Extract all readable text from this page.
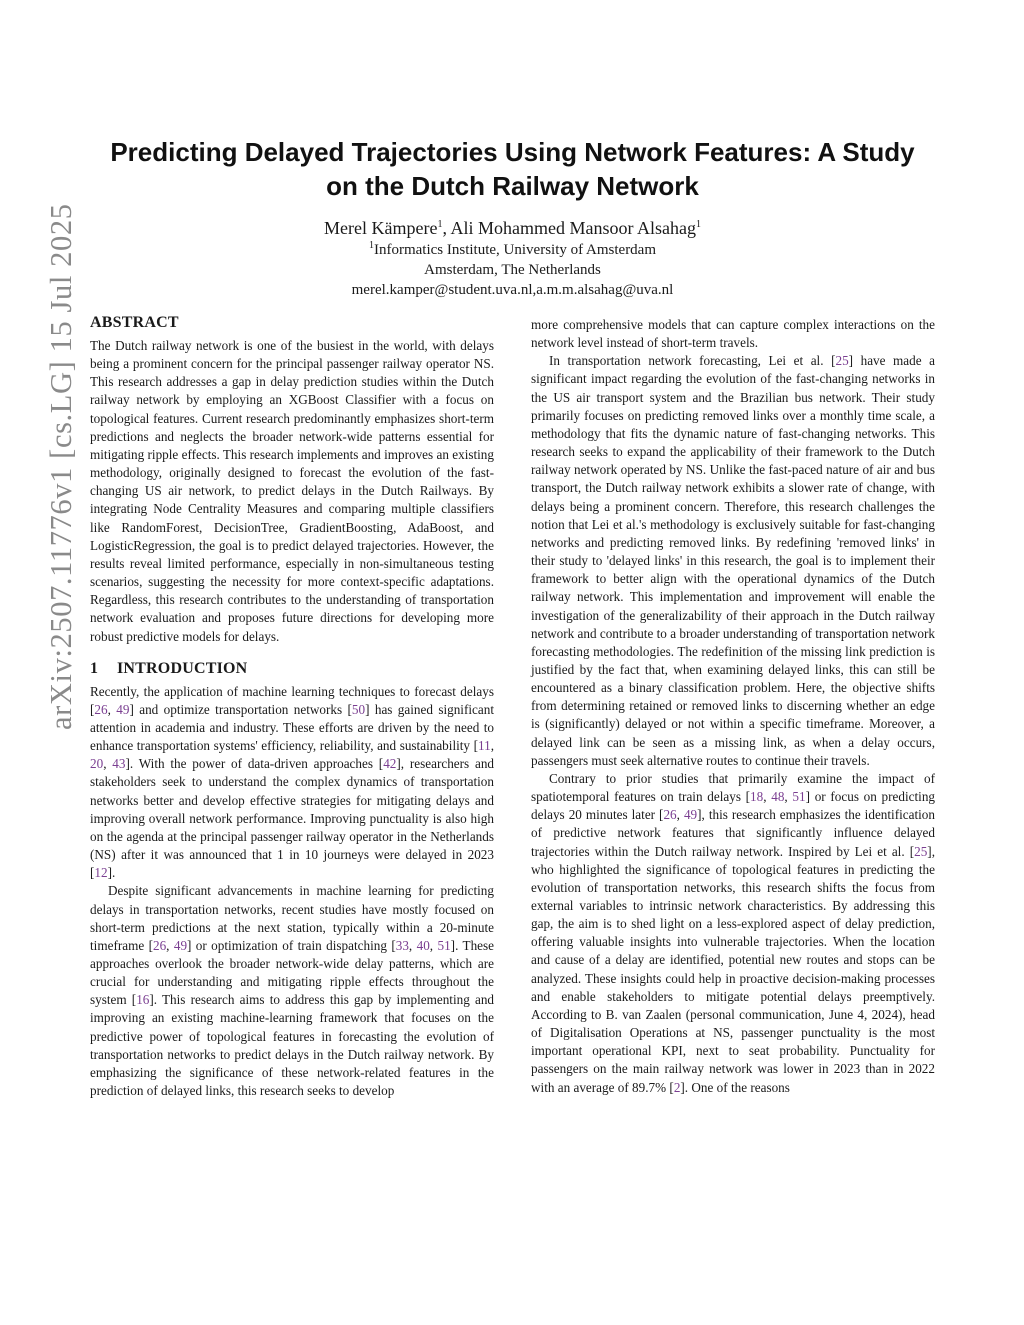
arXiv:2507.11776v1 [cs.LG] 15 Jul 2025
Predicting Delayed Trajectories Using Network Features: A Study
on the Dutch Railway Network
Merel Kämpere$^1$, Ali Mohammed Mansoor Alsahag$^1$
$^1$Informatics Institute, University of Amsterdam
Amsterdam, The Netherlands
merel.kamper@student.uva.nl,a.m.m.alsahag@uva.nl
ABSTRACT

The Dutch railway network is one of the busiest in the world, with delays being a prominent concern for the principal passenger railway operator NS. This research addresses a gap in delay prediction studies within the Dutch railway network by employing an XGBoost Classifier with a focus on topological features. Current research predominantly emphasizes short-term predictions and neglects the broader network-wide patterns essential for mitigating ripple effects. This research implements and improves an existing methodology, originally designed to forecast the evolution of the fast-changing US air network, to predict delays in the Dutch Railways. By integrating Node Centrality Measures and comparing multiple classifiers like RandomForest, DecisionTree, GradientBoosting, AdaBoost, and LogisticRegression, the goal is to predict delayed trajectories. However, the results reveal limited performance, especially in non-simultaneous testing scenarios, suggesting the necessity for more context-specific adaptations. Regardless, this research contributes to the understanding of transportation network evaluation and proposes future directions for developing more robust predictive models for delays.

1 INTRODUCTION

Recently, the application of machine learning techniques to forecast delays [26, 49] and optimize transportation networks [50] has gained significant attention in academia and industry. These efforts are driven by the need to enhance transportation systems' efficiency, reliability, and sustainability [11, 20, 43]. With the power of data-driven approaches [42], researchers and stakeholders seek to understand the complex dynamics of transportation networks better and develop effective strategies for mitigating delays and improving overall network performance. Improving punctuality is also high on the agenda at the principal passenger railway operator in the Netherlands (NS) after it was announced that 1 in 10 journeys were delayed in 2023 [12].

Despite significant advancements in machine learning for predicting delays in transportation networks, recent studies have mostly focused on short-term predictions at the next station, typically within a 20-minute timeframe [26, 49] or optimization of train dispatching [33, 40, 51]. These approaches overlook the broader network-wide delay patterns, which are crucial for understanding and mitigating ripple effects throughout the system [16]. This research aims to address this gap by implementing and improving an existing machine-learning framework that focuses on the predictive power of topological features in forecasting the evolution of transportation networks to predict delays in the Dutch railway network. By emphasizing the significance of these network-related features in the prediction of delayed links, this research seeks to develop

more comprehensive models that can capture complex interactions on the network level instead of short-term travels.

In transportation network forecasting, Lei et al. [25] have made a significant impact regarding the evolution of the fast-changing networks in the US air transport system and the Brazilian bus network. Their study primarily focuses on predicting removed links over a monthly time scale, a methodology that fits the dynamic nature of fast-changing networks. This research seeks to expand the applicability of their framework to the Dutch railway network operated by NS. Unlike the fast-paced nature of air and bus transport, the Dutch railway network exhibits a slower rate of change, with delays being a prominent concern. Therefore, this research challenges the notion that Lei et al.'s methodology is exclusively suitable for fast-changing networks and predicting removed links. By redefining 'removed links' in their study to 'delayed links' in this research, the goal is to implement their framework to better align with the operational dynamics of the Dutch railway network. This implementation and improvement will enable the investigation of the generalizability of their approach in the Dutch railway network and contribute to a broader understanding of transportation network forecasting methodologies. The redefinition of the missing link prediction is justified by the fact that, when examining delayed links, this can still be encountered as a binary classification problem. Here, the objective shifts from determining retained or removed links to discerning whether an edge is (significantly) delayed or not within a specific timeframe. Moreover, a delayed link can be seen as a missing link, as when a delay occurs, passengers must seek alternative routes to continue their travels.

Contrary to prior studies that primarily examine the impact of spatiotemporal features on train delays [18, 48, 51] or focus on predicting delays 20 minutes later [26, 49], this research emphasizes the identification of predictive network features that significantly influence delayed trajectories within the Dutch railway network. Inspired by Lei et al. [25], who highlighted the significance of topological features in predicting the evolution of transportation networks, this research shifts the focus from external variables to intrinsic network characteristics. By addressing this gap, the aim is to shed light on a less-explored aspect of delay prediction, offering valuable insights into vulnerable trajectories. When the location and cause of a delay are identified, potential new routes and stops can be analyzed. These insights could help in proactive decision-making processes and enable stakeholders to mitigate potential delays preemptively. According to B. van Zaalen (personal communication, June 4, 2024), head of Digitalisation Operations at NS, passenger punctuality is the most important operational KPI, next to seat probability. Punctuality for passengers on the main railway network was lower in 2023 than in 2022 with an average of 89.7% [2]. One of the reasons
